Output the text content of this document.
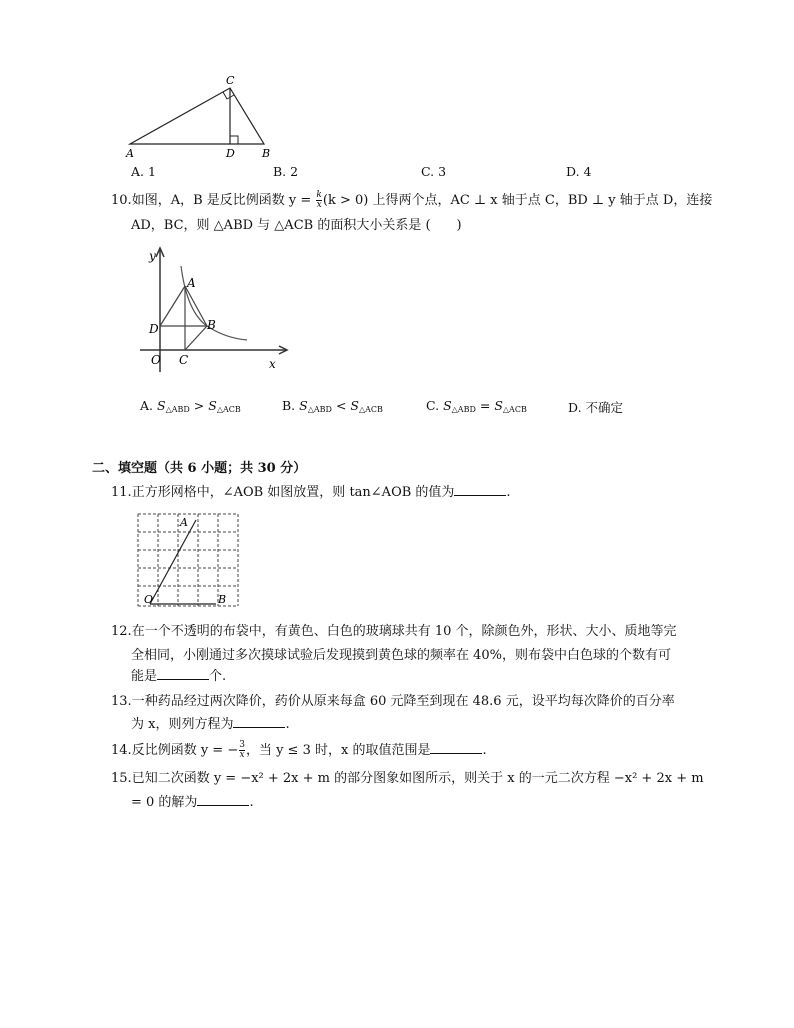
A
C
D B
A. 1	B. 2	C. 3	D. 4
10.如图，A，B 是反比例函数 $y = \frac{k}{x} (k > 0)$ 上得两个点，AC ⊥ x 轴于点 C，BD ⊥ y 轴于点 D，连接
AD，BC，则 △ABD 与 △ACB 的面积大小关系是 (　　)
y
A
B
D
O C	x
A. $S_{\triangle ABD} > S_{\triangle ACB}$	B. $S_{\triangle ABD} < S_{\triangle ACB}$	C. $S_{\triangle ABD} = S_{\triangle ACB}$	D. 不确定
二、填空题（共 6 小题；共 30 分）
11.正方形网格中，∠AOB 如图放置，则 tan∠AOB 的值为	.
A
O	B
12.在一个不透明的布袋中，有黄色、白色的玻璃球共有 10 个，除颜色外，形状、大小、质地等完
全相同，小刚通过多次摸球试验后发现摸到黄色球的频率在 40%，则布袋中白色球的个数有可
能是	个.
13.一种药品经过两次降价，药价从原来每盒 60 元降至到现在 48.6 元，设平均每次降价的百分率
为 x，则列方程为	.
14.反比例函数 y = − $\frac{3}{x}$ ，当 y ≤ 3 时，x 的取值范围是	.
15.已知二次函数 y = −x² + 2x + m 的部分图象如图所示，则关于 x 的一元二次方程 −x² + 2x + m
= 0 的解为	.
